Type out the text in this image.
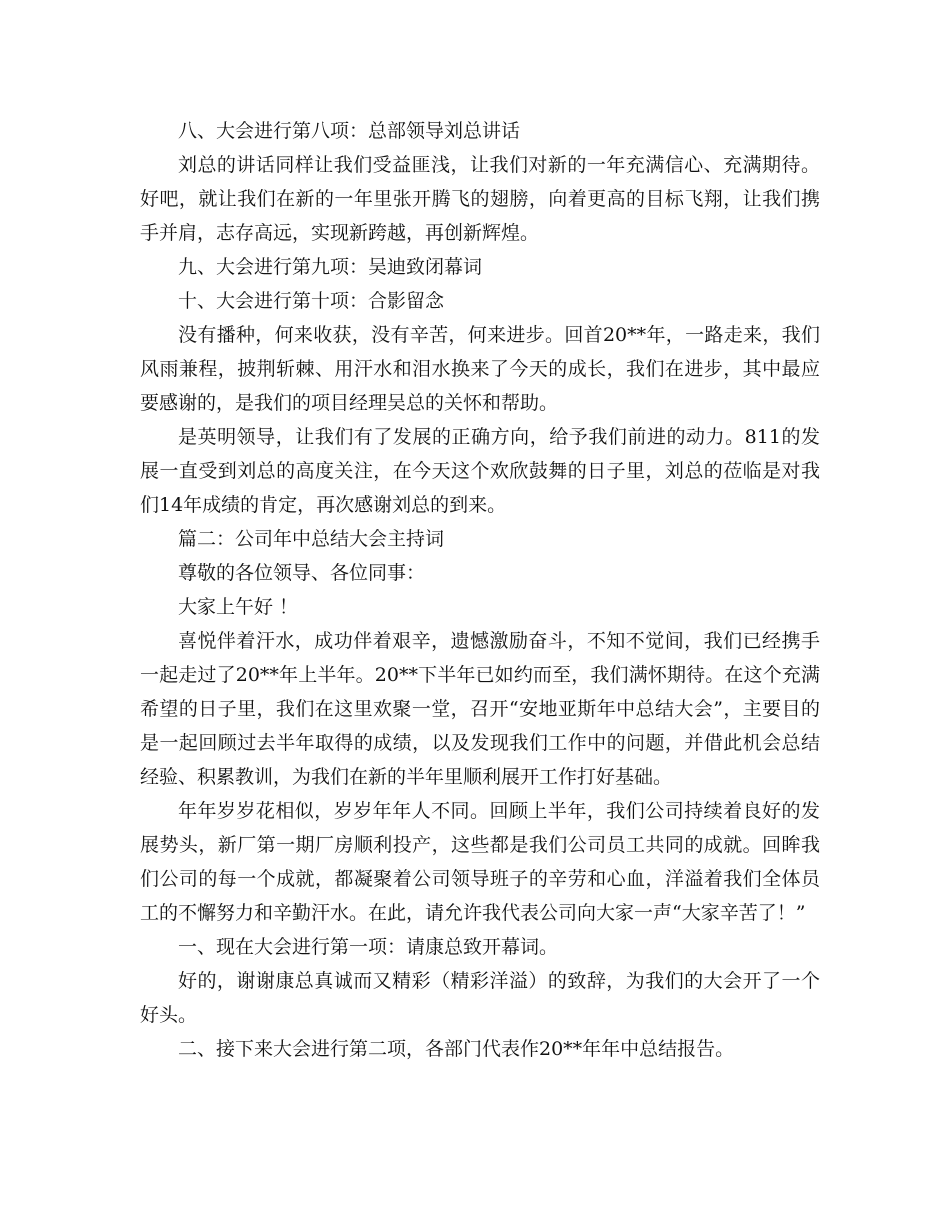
八、大会进行第八项：总部领导刘总讲话

刘总的讲话同样让我们受益匪浅，让我们对新的一年充满信心、充满期待。好吧，就让我们在新的一年里张开腾飞的翅膀，向着更高的目标飞翔，让我们携手并肩，志存高远，实现新跨越，再创新辉煌。

九、大会进行第九项：吴迪致闭幕词

十、大会进行第十项：合影留念

没有播种，何来收获，没有辛苦，何来进步。回首20**年，一路走来，我们风雨兼程，披荆斩棘、用汗水和泪水换来了今天的成长，我们在进步，其中最应要感谢的，是我们的项目经理吴总的关怀和帮助。

是英明领导，让我们有了发展的正确方向，给予我们前进的动力。811的发展一直受到刘总的高度关注，在今天这个欢欣鼓舞的日子里，刘总的莅临是对我们14年成绩的肯定，再次感谢刘总的到来。

篇二：公司年中总结大会主持词

尊敬的各位领导、各位同事：

大家上午好 ！

喜悦伴着汗水，成功伴着艰辛，遗憾激励奋斗，不知不觉间，我们已经携手一起走过了20**年上半年。20**下半年已如约而至，我们满怀期待。在这个充满希望的日子里，我们在这里欢聚一堂，召开“安地亚斯年中总结大会”，主要目的是一起回顾过去半年取得的成绩，以及发现我们工作中的问题，并借此机会总结经验、积累教训，为我们在新的半年里顺利展开工作打好基础。

年年岁岁花相似，岁岁年年人不同。回顾上半年，我们公司持续着良好的发展势头，新厂第一期厂房顺利投产，这些都是我们公司员工共同的成就。回眸我们公司的每一个成就，都凝聚着公司领导班子的辛劳和心血，洋溢着我们全体员工的不懈努力和辛勤汗水。在此，请允许我代表公司向大家一声“大家辛苦了！”

一、现在大会进行第一项：请康总致开幕词。

好的，谢谢康总真诚而又精彩（精彩洋溢）的致辞，为我们的大会开了一个好头。

二、接下来大会进行第二项，各部门代表作20**年年中总结报告。
